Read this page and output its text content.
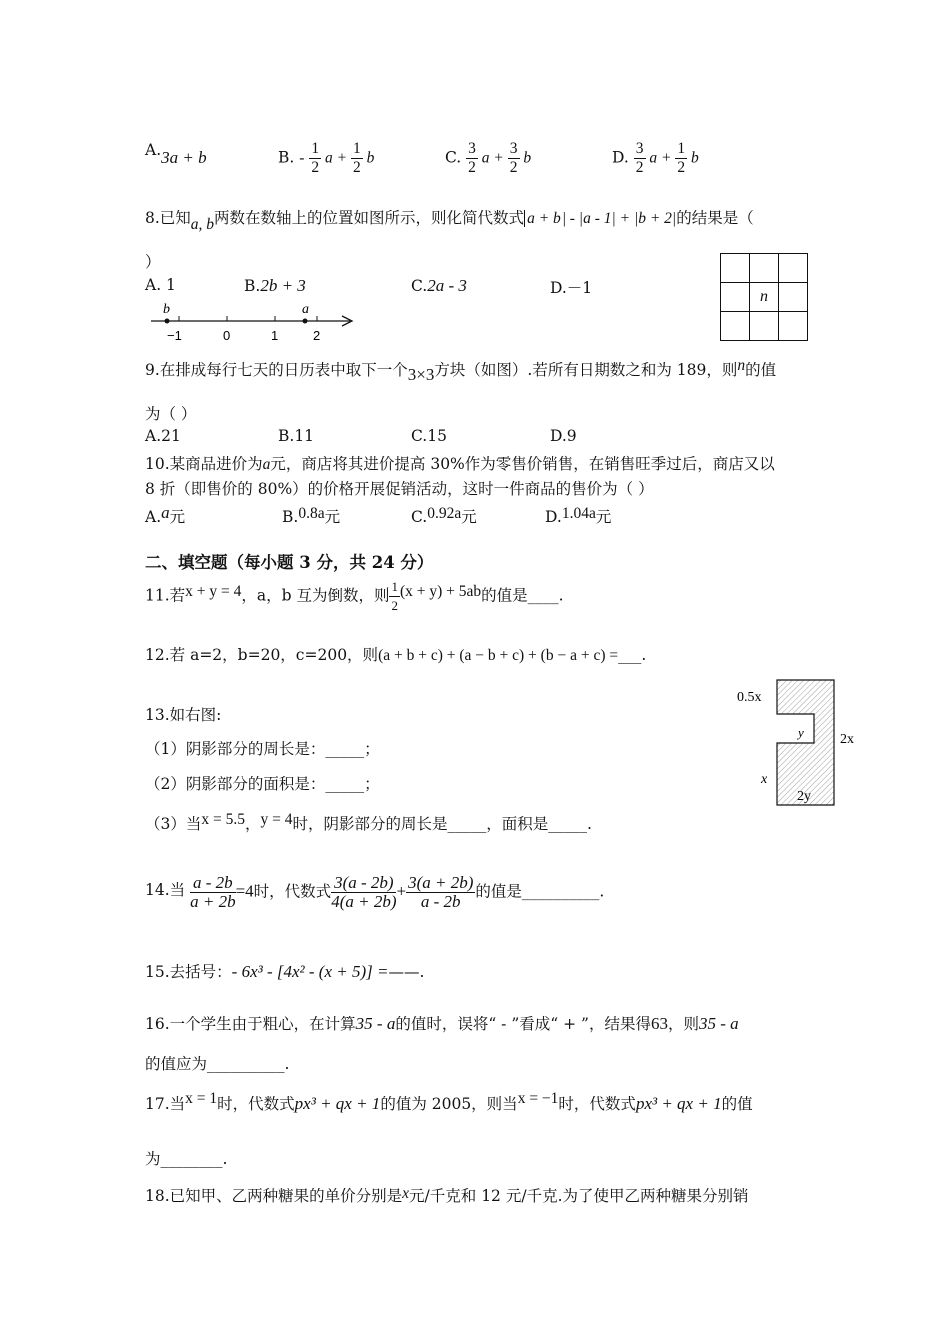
A.3a + b	B. - $\frac{1}{2}$ $a + \frac{1}{2}$ b	C. $\frac{3}{2}$ $a + \frac{3}{2}$ b	D. $\frac{3}{2}$ $a + \frac{1}{2}$ b
8.已知a, b两数在数轴上的位置如图所示，则化简代数式 a + b | - |a - 1| + |b + 2|的结果是（
）
A. 1	B.2b + 3	C.2a - 3	D.－1
b	a
−1	0	1	2

	n	

9.在排成每行七天的日历表中取下一个3×3方块（如图）.若所有日期数之和为 189，则n的值
为（ ）
A.21	B.11	C.15	D.9
10.某商品进价为a元，商店将其进价提高 30%作为零售价销售，在销售旺季过后，商店又以
8 折（即售价的 80%）的价格开展促销活动，这时一件商品的售价为（ ）
A.a元	B.0.8a元	C.0.92a元	D.1.04a元
二、填空题（每小题 3 分，共 24 分）
11.若x + y = 4，a，b 互为倒数，则 $\frac{1}{2} (x + y) + 5ab$的值是____.
12.若 a=2，b=20，c=200，则(a + b + c) + (a − b + c) + (b − a + c) =___.
13.如右图:
（1）阴影部分的周长是：_____；
（2）阴影部分的面积是：_____；
（3）当x = 5.5，y = 4时，阴影部分的周长是_____，面积是_____.
0.5x
y	2x
x
2y
14.当 $\frac{a - 2b}{a + 2b} =4$时，代数式 $\frac{3(a - 2b)}{4(a + 2b)} + \frac{3(a + 2b)}{a - 2b}$ 的值是__________.
15.去括号：- 6x³ - [4x² - (x + 5)] =——.
16.一个学生由于粗心，在计算35 - a的值时，误将“ - ”看成“ + ”，结果得63，则35 - a
的值应为__________.
17.当x = 1时，代数式px³ + qx + 1的值为 2005，则当x = −1时，代数式px³ + qx + 1的值
为________.
18.已知甲、乙两种糖果的单价分别是x元/千克和 12 元/千克.为了使甲乙两种糖果分别销
